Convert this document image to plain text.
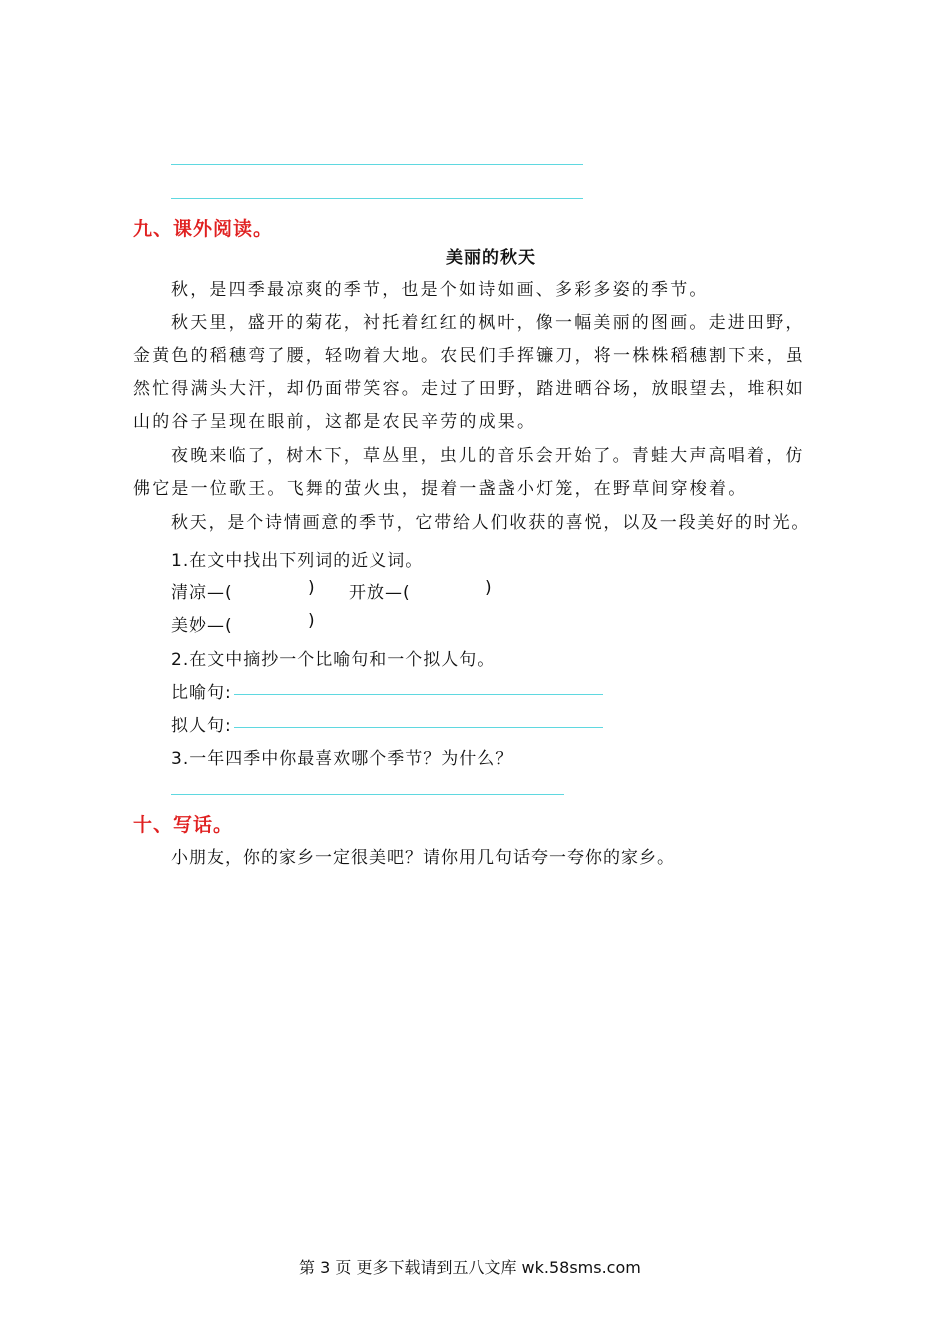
九、课外阅读。
美丽的秋天
秋，是四季最凉爽的季节，也是个如诗如画、多彩多姿的季节。
秋天里，盛开的菊花，衬托着红红的枫叶，像一幅美丽的图画。走进田野，
金黄色的稻穗弯了腰，轻吻着大地。农民们手挥镰刀，将一株株稻穗割下来，虽
然忙得满头大汗，却仍面带笑容。走过了田野，踏进晒谷场，放眼望去，堆积如
山的谷子呈现在眼前，这都是农民辛劳的成果。
夜晚来临了，树木下，草丛里，虫儿的音乐会开始了。青蛙大声高唱着，仿
佛它是一位歌王。飞舞的萤火虫，提着一盏盏小灯笼，在野草间穿梭着。
秋天，是个诗情画意的季节，它带给人们收获的喜悦，以及一段美好的时光。
1.在文中找出下列词的近义词。
清凉—(	) 开放—(	)
美妙—(	)
2.在文中摘抄一个比喻句和一个拟人句。
比喻句:
拟人句:
3.一年四季中你最喜欢哪个季节？为什么？
十、写话。
小朋友，你的家乡一定很美吧？请你用几句话夸一夸你的家乡。
第 3 页 更多下载请到五八文库 wk.58sms.com
